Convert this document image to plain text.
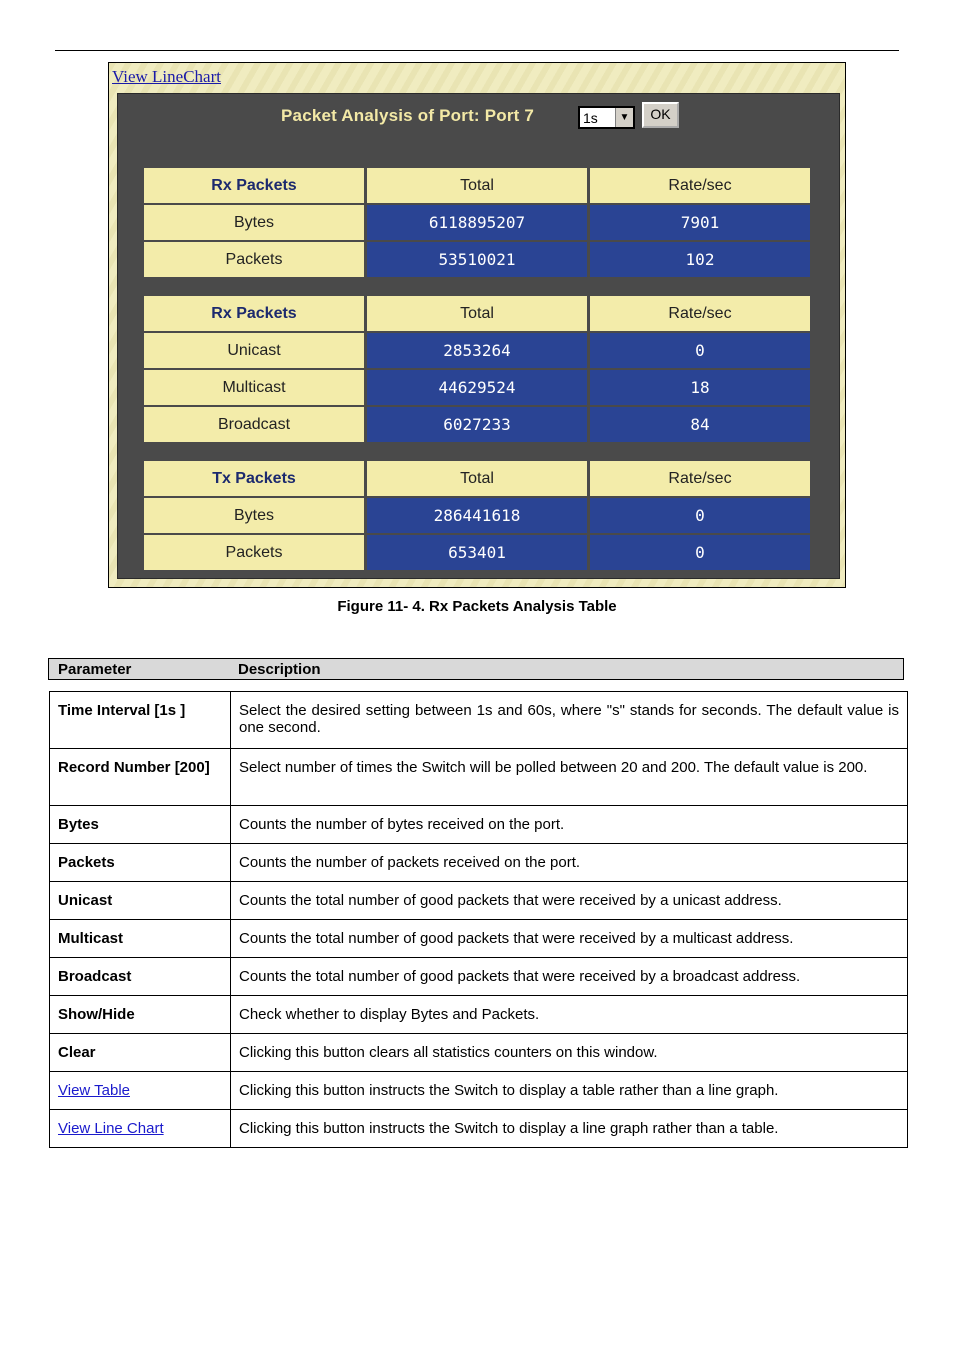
View LineChart
Packet Analysis of Port: Port 7	1s	▼	OK
Rx Packets	Total	Rate/sec
Bytes	6118895207	7901
Packets	53510021	102
Rx Packets	Total	Rate/sec
Unicast	2853264	0
Multicast	44629524	18
Broadcast	6027233	84
Tx Packets	Total	Rate/sec
Bytes	286441618	0
Packets	653401	0
Figure 11- 4. Rx Packets Analysis Table
Parameter	Description
Time Interval [1s ]	Select the desired setting between 1s and 60s, where "s" stands for seconds. The default value is one second.
Record Number [200]	Select number of times the Switch will be polled between 20 and 200. The default value is 200.
Bytes	Counts the number of bytes received on the port.
Packets	Counts the number of packets received on the port.
Unicast	Counts the total number of good packets that were received by a unicast address.
Multicast	Counts the total number of good packets that were received by a multicast address.
Broadcast	Counts the total number of good packets that were received by a broadcast address.
Show/Hide	Check whether to display Bytes and Packets.
Clear	Clicking this button clears all statistics counters on this window.
View Table	Clicking this button instructs the Switch to display a table rather than a line graph.
View Line Chart	Clicking this button instructs the Switch to display a line graph rather than a table.
